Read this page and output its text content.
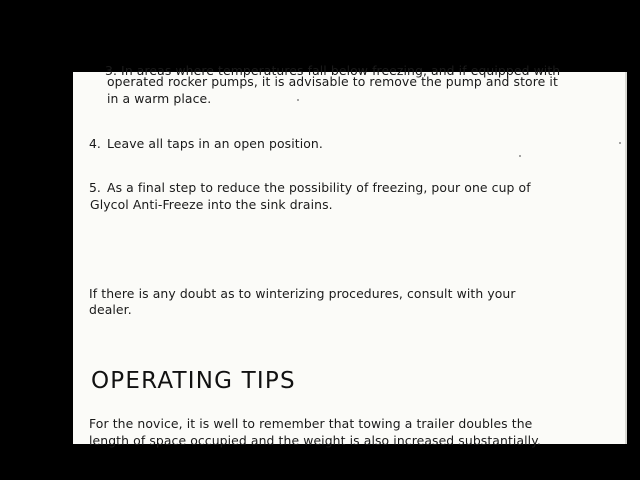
3. In areas where temperatures fall below freezing, and if equipped with
operated rocker pumps, it is advisable to remove the pump and store it
in a warm place.
4. Leave all taps in an open position.
5. As a final step to reduce the possibility of freezing, pour one cup of
Glycol Anti-Freeze into the sink drains.
If there is any doubt as to winterizing procedures, consult with your
dealer.
OPERATING TIPS
For the novice, it is well to remember that towing a trailer doubles the
length of space occupied and the weight is also increased substantially.
